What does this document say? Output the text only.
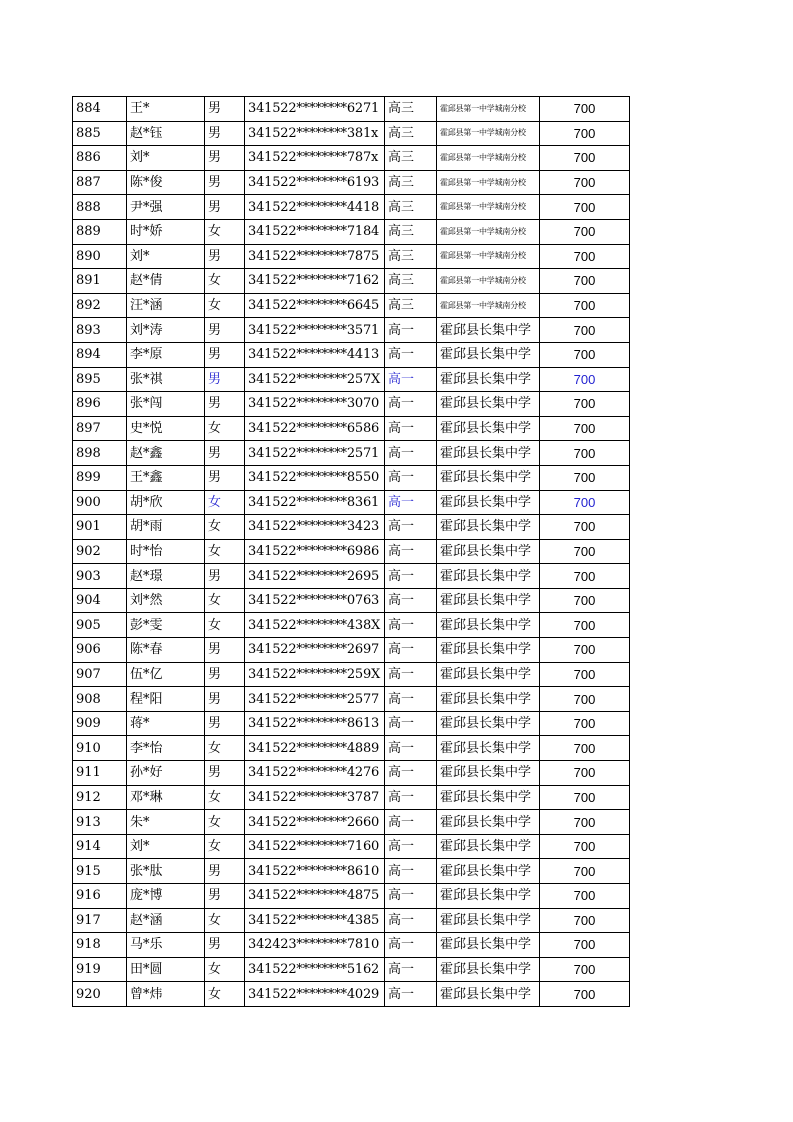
884	王*	男	341522********6271	高三	霍邱县第一中学城南分校	700
885	赵*钰	男	341522********381x	高三	霍邱县第一中学城南分校	700
886	刘*	男	341522********787x	高三	霍邱县第一中学城南分校	700
887	陈*俊	男	341522********6193	高三	霍邱县第一中学城南分校	700
888	尹*强	男	341522********4418	高三	霍邱县第一中学城南分校	700
889	时*娇	女	341522********7184	高三	霍邱县第一中学城南分校	700
890	刘*	男	341522********7875	高三	霍邱县第一中学城南分校	700
891	赵*倩	女	341522********7162	高三	霍邱县第一中学城南分校	700
892	汪*涵	女	341522********6645	高三	霍邱县第一中学城南分校	700
893	刘*涛	男	341522********3571	高一	霍邱县长集中学	700
894	李*原	男	341522********4413	高一	霍邱县长集中学	700
895	张*祺	男	341522********257X	高一	霍邱县长集中学	700
896	张*闯	男	341522********3070	高一	霍邱县长集中学	700
897	史*悦	女	341522********6586	高一	霍邱县长集中学	700
898	赵*鑫	男	341522********2571	高一	霍邱县长集中学	700
899	王*鑫	男	341522********8550	高一	霍邱县长集中学	700
900	胡*欣	女	341522********8361	高一	霍邱县长集中学	700
901	胡*雨	女	341522********3423	高一	霍邱县长集中学	700
902	时*怡	女	341522********6986	高一	霍邱县长集中学	700
903	赵*璟	男	341522********2695	高一	霍邱县长集中学	700
904	刘*然	女	341522********0763	高一	霍邱县长集中学	700
905	彭*雯	女	341522********438X	高一	霍邱县长集中学	700
906	陈*春	男	341522********2697	高一	霍邱县长集中学	700
907	伍*亿	男	341522********259X	高一	霍邱县长集中学	700
908	程*阳	男	341522********2577	高一	霍邱县长集中学	700
909	蒋*	男	341522********8613	高一	霍邱县长集中学	700
910	李*怡	女	341522********4889	高一	霍邱县长集中学	700
911	孙*好	男	341522********4276	高一	霍邱县长集中学	700
912	邓*琳	女	341522********3787	高一	霍邱县长集中学	700
913	朱*	女	341522********2660	高一	霍邱县长集中学	700
914	刘*	女	341522********7160	高一	霍邱县长集中学	700
915	张*肽	男	341522********8610	高一	霍邱县长集中学	700
916	庞*博	男	341522********4875	高一	霍邱县长集中学	700
917	赵*涵	女	341522********4385	高一	霍邱县长集中学	700
918	马*乐	男	342423********7810	高一	霍邱县长集中学	700
919	田*圆	女	341522********5162	高一	霍邱县长集中学	700
920	曾*炜	女	341522********4029	高一	霍邱县长集中学	700
